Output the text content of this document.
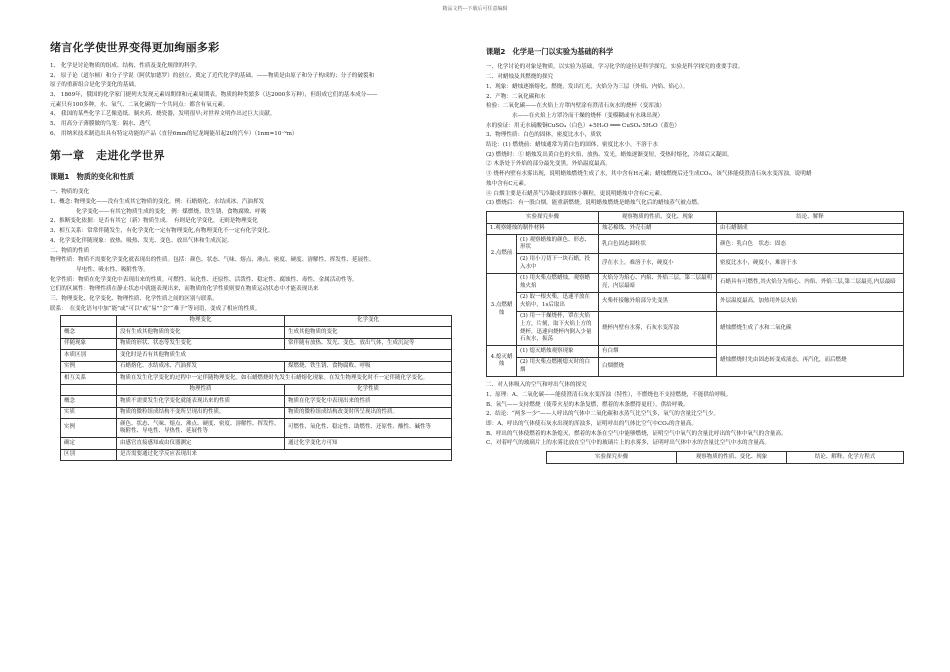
精品文档---下载后可任意编辑
绪言化学使世界变得更加绚丽多彩

1、 化学是讨论物质的组成、结构、性质及变化规律的科学。

2、 原子论（道尔顿）和分子学说（阿伏加德罗）的创立，奠定了近代化学的基础。——物质是由原子和分子构成的；分子的破裂和

原子的重新组合是化学变化的基础。

3、 1869年，俄国的化学家门捷列夫发现元素周期律和元素周期表。物质的种类繁多（达2000多万种），但组成它们的基本成分——

元素只有100多种。水、氧气、二氧化碳的一个共同点：都含有氧元素。

4、 我国的某些化学工艺像造纸、制火药、烧瓷器，发明很早;对世界文明作出过巨大贡献。

5、 用高分子薄膜做的鸟笼：隔水、透气

6、 用纳米技术制造出具有特定功能的产品（直径6mm的尼龙绳能吊起2t的汽车）（1nm=10⁻⁹m）

第一章　走进化学世界
课题1　物质的变化和性质

一、物质的变化

1、概念: 物理变化——没有生成其它物质的变化。例：石蜡熔化、水结成冰、汽油挥发

化学变化——有其它物质生成的变化　例：煤燃烧、铁生锈、食物腐败、呼吸

2、推断变化依据：是否有其它（新）物质生成。　有则是化学变化，无则是物理变化

3、相互关系：常常伴随发生，有化学变化一定有物理变化,有物理变化不一定有化学变化。

4、化学变化伴随现象：放热、吸热、发光、变色、放出气体和生成沉淀。

二、物质的性质

物理性质：物质不需要化学变化就表现出的性质。包括：颜色、状态、气味、熔点、沸点、密度、硬度、溶解性、挥发性、延展性、

导电性、吸水性、吸附性等。

化学性质：物质在化学变化中表现出来的性质。可燃性、氧化性、还原性、活泼性、稳定性、腐蚀性、毒性、金属活动性等。

它们的区属性：物理性质在静止状态中就能表现出来，而物质的化学性质则要在物质运动状态中才能表现出来

三、物理变化、化学变化、物理性质、化学性质之间的区别与联系。

联系：　在变化语句中加“能”或“可以”或“易”“会”“难于”等词语，变成了相应的性质。

	物理变化	化学变化
概念	没有生成其他物质的变化	生成其他物质的变化
伴随现象	物质的形状、状态等发生变化	常伴随有放热、发光、变色，放出气体，生成沉淀等
本质区别	变化时是否有其他物质生成	
实例	石蜡熔化、水结成冰、汽油挥发	煤燃烧、铁生锈、食物腐败、呼吸
相互关系	物质在发生化学变化的过程中一定伴随物理变化。如石蜡燃烧时先发生石蜡熔化现象。在发生物理变化时不一定伴随化学变化。	
	物理性质	化学性质
概念	物质不需要发生化学变化就能表现出来的性质	物质在化学变化中表现出来的性质
实质	物质的微粒组成结构不变所呈现出的性质。	物质的微粒组成结构改变时所呈现出的性质。
实例	颜色、状态、气味、熔点、沸点、硬度、密度、溶解性、挥发性、吸附性、导电性、导热性、延展性等	可燃性、氧化性、稳定性、助燃性、还原性、酸性、碱性等
确定	由感官直接感知或由仪器测定	通过化学变化方可知
区别	是否需要通过化学反应表现出来	
课题2　化学是一门以实验为基础的科学

一、化学讨论的对象是物质，以实验为基础，学习化学的途径是科学探究，实验是科学探究的重要手段。

二、对蜡烛及其燃烧的探究

1、现象：蜡烛逐渐熔化，燃烧，发出红光，火焰分为三层（外焰、内焰、焰心）。

2、产物：二氧化碳和水

检验：二氧化碳——在火焰上方罩内壁涂有澄清石灰水的烧杯（变浑浊）

水——在火焰上方罩冷而干燥的烧杯（变模糊或有水珠出现）

水的验证：用无水硫酸铜CuSO₄（白色）+5H₂O ═══ CuSO₄·5H₂O（蓝色）

3、物理性质：白色的固体，密度比水小，质软

结论：(1) 燃烧前：蜡烛通常为黄白色的固体，密度比水小，不溶于水

(2) 燃烧时：① 蜡烛发出黄白色的火焰，放热、发光，蜡烛逐渐变短，受热时熔化，冷却后又凝固。

② 木条处于外焰的部分最先变黑，外焰温度最高。

③ 烧杯内壁有水雾出现，说明蜡烛燃烧生成了水，其中含有H元素；蜡烛燃烧后还生成CO₂，该气体能使澄清石灰水变浑浊，说明蜡

烛中含有C元素。

④ 白烟主要是石蜡蒸气冷凝成的固体小颗粒，更说明蜡烛中含有C元素。

(3) 燃烧后：有一股白烟，能重新燃烧。说明蜡烛燃烧是蜡烛气化后的蜡烛蒸气被点燃。

实验探究步骤		观察物质的性质、变化、现象	结论、解释
1.观察蜡烛的制作材料		烛芯棉线、外壳石蜡	由石蜡制成
2.点燃前	(1) 观察蜡烛的颜色、形态、形状	乳白色固态圆柱状	颜色：乳白色　状态：固态
	(2) 用小刀切下一块石蜡，投入水中	浮在水上，难溶于水，硬度小	密度比水小，硬度小，难溶于水
3.点燃蜡烛	(1) 用火柴点燃蜡烛，观察蜡烛火焰	火焰分为焰心、内焰、外焰三层，第二层最明亮，内层最暗	石蜡具有可燃性,其火焰分为焰心、内焰、外焰三层,第二层最亮,内层最暗
	(2) 取一根火柴，迅速平放在火焰中，1s后取出	火柴杆接触外焰部分先变黑	外层温度最高，加热用外层火焰
	(3) 用一干燥烧杯，罩在火焰上方，片刻，取下火焰上方的烧杯，迅速向烧杯内倒入少量石灰水，振荡	烧杯内壁有水雾，石灰水变浑浊	蜡烛燃烧生成了水和二氧化碳
4.熄灭蜡烛	(1) 熄灭蜡烛观察现象	有白烟	蜡烛燃烧时先由固态转变成液态，再汽化，而后燃烧
	(2) 用火柴点燃刚熄灭时的白烟	白烟燃烧	

二、对人体吸入的空气和呼出气体的探究

1、原理：A、二氧化碳——能使澄清石灰水变浑浊（特性），不燃烧也不支持燃烧，不能供给呼吸。

B、氧气——支持燃烧（使带火星的木条复燃，燃着的木条燃得更旺），供给呼吸。

2、结论：“两多一少”——人呼出的气体中二氧化碳和水蒸气比空气多，氧气的含量比空气少。

即：A、呼出的气体使石灰水出现的浑浊多，证明呼出的气体比空气中CO₂的含量高。

B、呼出的气体使燃着的木条熄灭，燃着的木条在空气中能够燃烧，证明空气中氧气的含量比呼出的气体中氧气的含量高。

C、对着呼气的玻璃片上的水雾比放在空气中的玻璃片上的水雾多，证明呼出气体中水的含量比空气中水的含量高。

实验探究步骤	观察物质的性质、变化、现象	结论、解释、化学方程式
